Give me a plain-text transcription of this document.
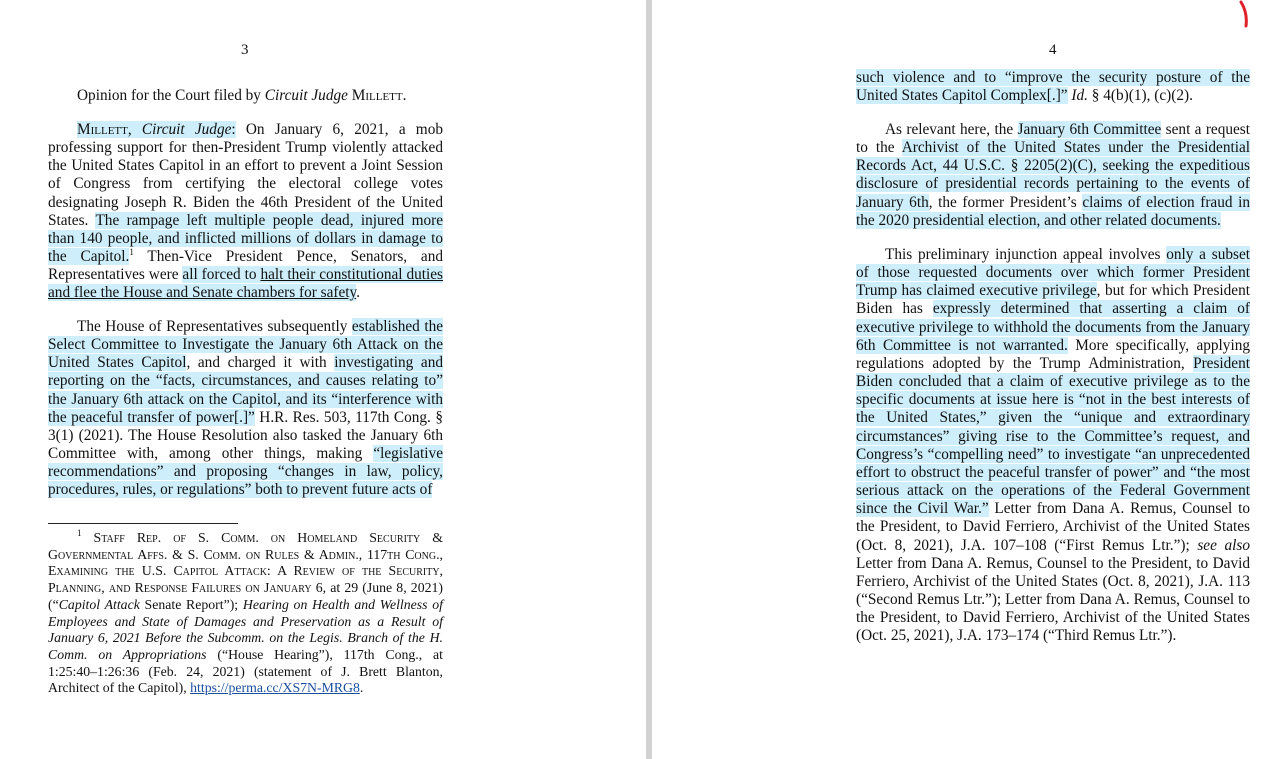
3

Opinion for the Court filed by Circuit Judge Millett.

Millett, Circuit Judge: On January 6, 2021, a mob professing support for then-President Trump violently attacked the United States Capitol in an effort to prevent a Joint Session of Congress from certifying the electoral college votes designating Joseph R. Biden the 46th President of the United States. The rampage left multiple people dead, injured more than 140 people, and inflicted millions of dollars in damage to the Capitol.$^1$ Then-Vice President Pence, Senators, and Representatives were all forced to halt their constitutional duties and flee the House and Senate chambers for safety.

The House of Representatives subsequently established the Select Committee to Investigate the January 6th Attack on the United States Capitol, and charged it with investigating and reporting on the “facts, circumstances, and causes relating to” the January 6th attack on the Capitol, and its “interference with the peaceful transfer of power[.]” H.R. Res. 503, 117th Cong. § 3(1) (2021). The House Resolution also tasked the January 6th Committee with, among other things, making “legislative recommendations” and proposing “changes in law, policy, procedures, rules, or regulations” both to prevent future acts of

$^1$ Staff Rep. of S. Comm. on Homeland Security & Governmental Affs. & S. Comm. on Rules & Admin., 117th Cong., Examining the U.S. Capitol Attack: A Review of the Security, Planning, and Response Failures on January 6, at 29 (June 8, 2021) (“Capitol Attack Senate Report”); Hearing on Health and Wellness of Employees and State of Damages and Preservation as a Result of January 6, 2021 Before the Subcomm. on the Legis. Branch of the H. Comm. on Appropriations (“House Hearing”), 117th Cong., at 1:25:40–1:26:36 (Feb. 24, 2021) (statement of J. Brett Blanton, Architect of the Capitol), https://perma.cc/XS7N-MRG8.

4

such violence and to “improve the security posture of the United States Capitol Complex[.]” Id. § 4(b)(1), (c)(2).

As relevant here, the January 6th Committee sent a request to the Archivist of the United States under the Presidential Records Act, 44 U.S.C. § 2205(2)(C), seeking the expeditious disclosure of presidential records pertaining to the events of January 6th, the former President’s claims of election fraud in the 2020 presidential election, and other related documents.

This preliminary injunction appeal involves only a subset of those requested documents over which former President Trump has claimed executive privilege, but for which President Biden has expressly determined that asserting a claim of executive privilege to withhold the documents from the January 6th Committee is not warranted. More specifically, applying regulations adopted by the Trump Administration, President Biden concluded that a claim of executive privilege as to the specific documents at issue here is “not in the best interests of the United States,” given the “unique and extraordinary circumstances” giving rise to the Committee’s request, and Congress’s “compelling need” to investigate “an unprecedented effort to obstruct the peaceful transfer of power” and “the most serious attack on the operations of the Federal Government since the Civil War.” Letter from Dana A. Remus, Counsel to the President, to David Ferriero, Archivist of the United States (Oct. 8, 2021), J.A. 107–108 (“First Remus Ltr.”); see also Letter from Dana A. Remus, Counsel to the President, to David Ferriero, Archivist of the United States (Oct. 8, 2021), J.A. 113 (“Second Remus Ltr.”); Letter from Dana A. Remus, Counsel to the President, to David Ferriero, Archivist of the United States (Oct. 25, 2021), J.A. 173–174 (“Third Remus Ltr.”).
